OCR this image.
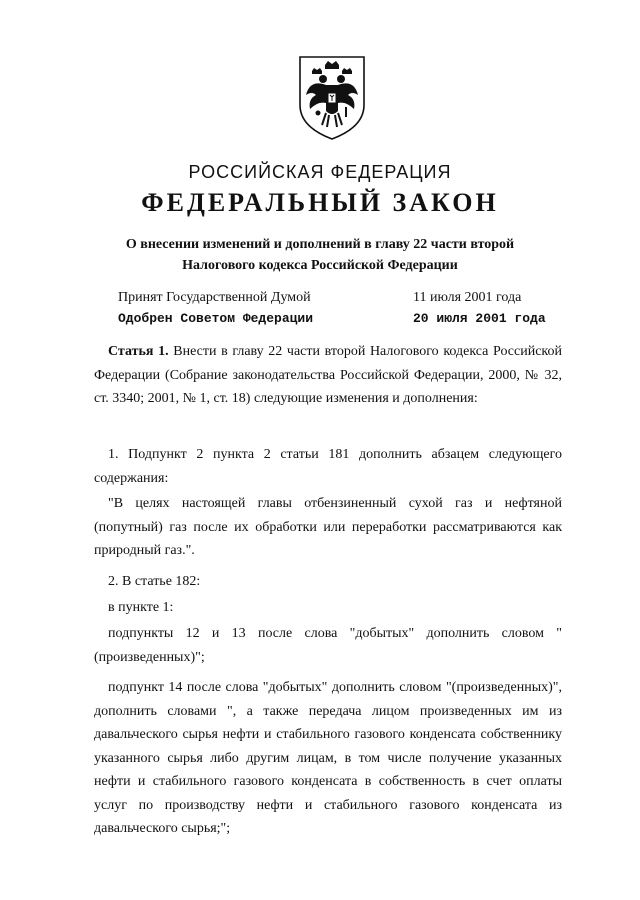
РОССИЙСКАЯ ФЕДЕРАЦИЯ
ФЕДЕРАЛЬНЫЙ ЗАКОН
О внесении изменений и дополнений в главу 22 части второй
Налогового кодекса Российской Федерации
Принят Государственной Думой	11 июля 2001 года
Одобрен Советом Федерации	20 июля 2001 года
Статья 1. Внести в главу 22 части второй Налогового кодекса Российской Федерации (Собрание законодательства Российской Федерации, 2000, № 32, ст. 3340; 2001, № 1, ст. 18) следующие изменения и дополнения:
1. Подпункт 2 пункта 2 статьи 181 дополнить абзацем следующего содержания:
"В целях настоящей главы отбензиненный сухой газ и нефтяной (попутный) газ после их обработки или переработки рассматриваются как природный газ.".
2. В статье 182:
в пункте 1:
подпункты 12 и 13 после слова "добытых" дополнить словом "(произведенных)";
подпункт 14 после слова "добытых" дополнить словом "(произведенных)", дополнить словами ", а также передача лицом произведенных им из давальческого сырья нефти и стабильного газового конденсата собственнику указанного сырья либо другим лицам, в том числе получение указанных нефти и стабильного газового конденсата в собственность в счет оплаты услуг по производству нефти и стабильного газового конденсата из давальческого сырья;";
